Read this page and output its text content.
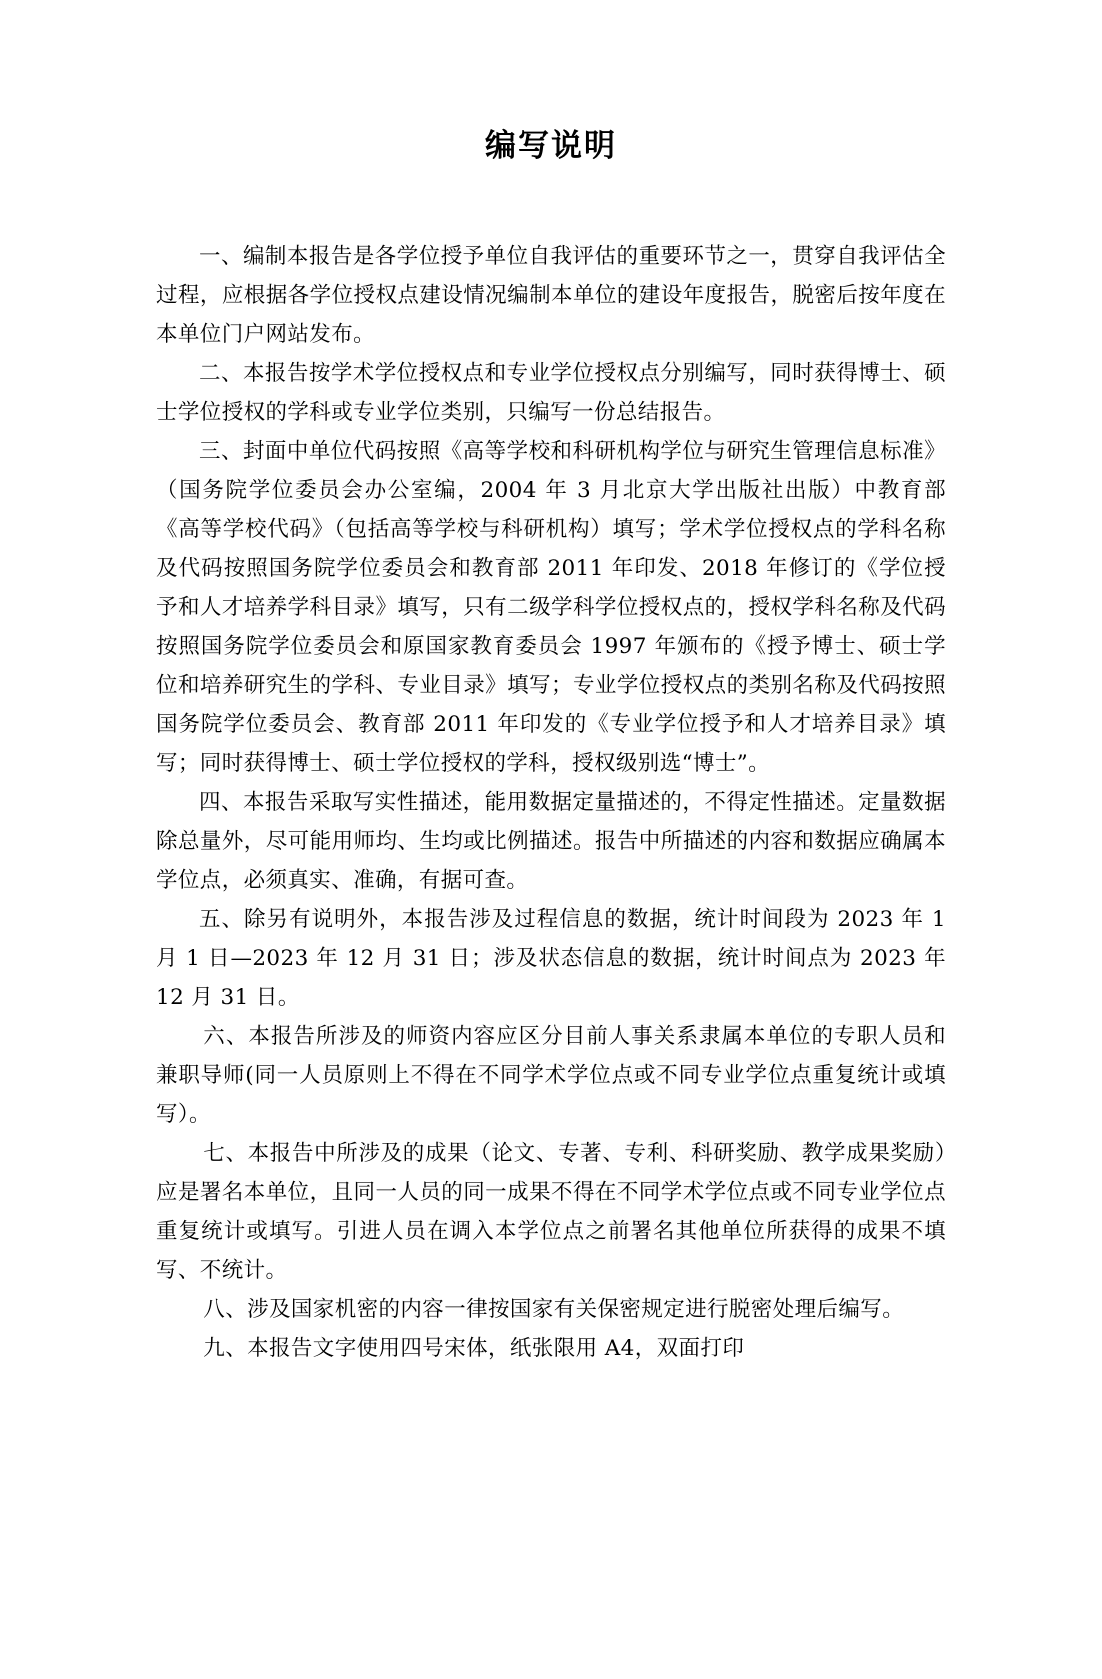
编写说明

一、编制本报告是各学位授予单位自我评估的重要环节之一，贯穿自我评估全过程，应根据各学位授权点建设情况编制本单位的建设年度报告，脱密后按年度在本单位门户网站发布。

二、本报告按学术学位授权点和专业学位授权点分别编写，同时获得博士、硕士学位授权的学科或专业学位类别，只编写一份总结报告。

三、封面中单位代码按照《高等学校和科研机构学位与研究生管理信息标准》（国务院学位委员会办公室编，2004 年 3 月北京大学出版社出版）中教育部《高等学校代码》（包括高等学校与科研机构）填写；学术学位授权点的学科名称及代码按照国务院学位委员会和教育部 2011 年印发、2018 年修订的《学位授予和人才培养学科目录》填写，只有二级学科学位授权点的，授权学科名称及代码按照国务院学位委员会和原国家教育委员会 1997 年颁布的《授予博士、硕士学位和培养研究生的学科、专业目录》填写；专业学位授权点的类别名称及代码按照国务院学位委员会、教育部 2011 年印发的《专业学位授予和人才培养目录》填写；同时获得博士、硕士学位授权的学科，授权级别选“博士”。

四、本报告采取写实性描述，能用数据定量描述的，不得定性描述。定量数据除总量外，尽可能用师均、生均或比例描述。报告中所描述的内容和数据应确属本学位点，必须真实、准确，有据可查。

五、除另有说明外，本报告涉及过程信息的数据，统计时间段为 2023 年 1 月 1 日—2023 年 12 月 31 日；涉及状态信息的数据，统计时间点为 2023 年 12 月 31 日。

六、本报告所涉及的师资内容应区分目前人事关系隶属本单位的专职人员和兼职导师(同一人员原则上不得在不同学术学位点或不同专业学位点重复统计或填写）。

七、本报告中所涉及的成果（论文、专著、专利、科研奖励、教学成果奖励）应是署名本单位，且同一人员的同一成果不得在不同学术学位点或不同专业学位点重复统计或填写。引进人员在调入本学位点之前署名其他单位所获得的成果不填写、不统计。

八、涉及国家机密的内容一律按国家有关保密规定进行脱密处理后编写。

九、本报告文字使用四号宋体，纸张限用 A4，双面打印
